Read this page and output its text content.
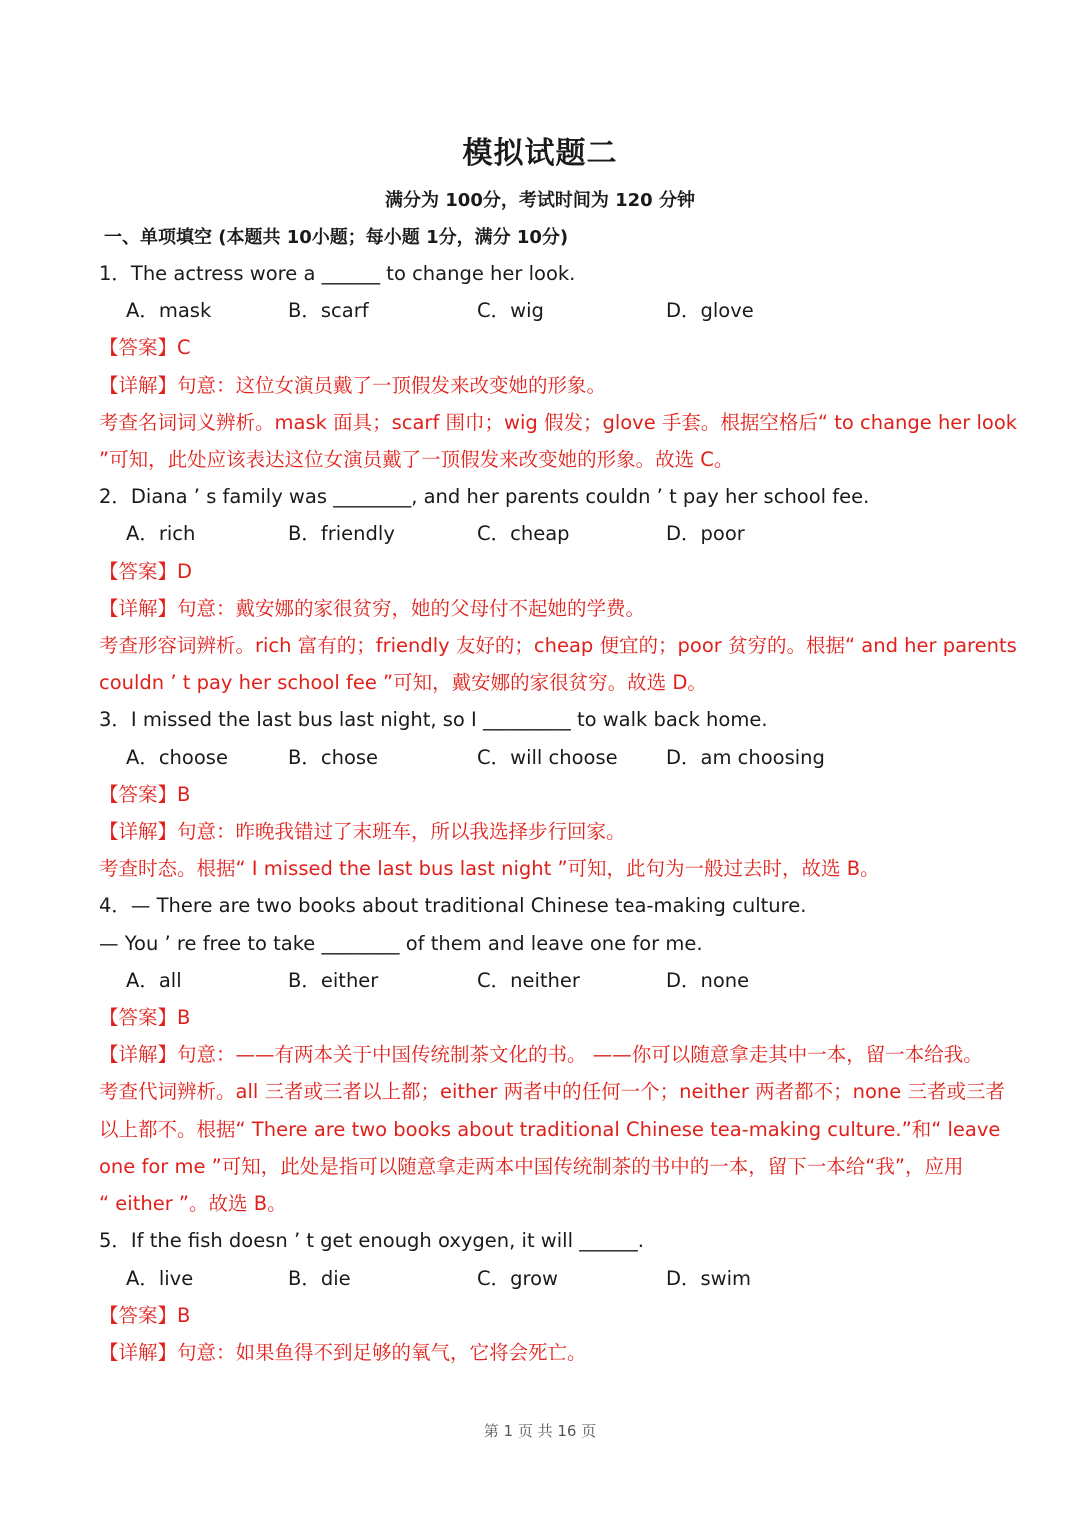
模拟试题二
满分为 100分，考试时间为 120 分钟
一、单项填空 (本题共 10小题；每小题 1分，满分 10分)
1．The actress wore a ______ to change her look.
A．mask	B．scarf	C．wig	D．glove
【答案】C
【详解】句意：这位女演员戴了一顶假发来改变她的形象。
考查名词词义辨析。mask 面具；scarf 围巾；wig 假发；glove 手套。根据空格后“ to change her look
”可知，此处应该表达这位女演员戴了一顶假发来改变她的形象。故选 C。
2．Diana ’ s family was ________, and her parents couldn ’ t pay her school fee.
A．rich	B．friendly	C．cheap	D．poor
【答案】D
【详解】句意：戴安娜的家很贫穷，她的父母付不起她的学费。
考查形容词辨析。rich 富有的；friendly 友好的；cheap 便宜的；poor 贫穷的。根据“ and her parents
couldn ’ t pay her school fee ”可知，戴安娜的家很贫穷。故选 D。
3．I missed the last bus last night, so I _________ to walk back home.
A．choose	B．chose	C．will choose D．am choosing
【答案】B
【详解】句意：昨晚我错过了末班车，所以我选择步行回家。
考查时态。根据“ I missed the last bus last night ”可知，此句为一般过去时，故选 B。
4．— There are two books about traditional Chinese tea-making culture.
— You ’ re free to take ________ of them and leave one for me.
A．all	B．either	C．neither	D．none
【答案】B
【详解】句意：——有两本关于中国传统制茶文化的书。 ——你可以随意拿走其中一本，留一本给我。
考查代词辨析。all 三者或三者以上都；either 两者中的任何一个；neither 两者都不；none 三者或三者
以上都不。根据“ There are two books about traditional Chinese tea-making culture.”和“ leave
one for me ”可知，此处是指可以随意拿走两本中国传统制茶的书中的一本，留下一本给“我”，应用
“ either ”。故选 B。
5．If the fish doesn ’ t get enough oxygen, it will ______.
A．live	B．die	C．grow	D．swim
【答案】B
【详解】句意：如果鱼得不到足够的氧气，它将会死亡。
第 1 页 共 16 页
